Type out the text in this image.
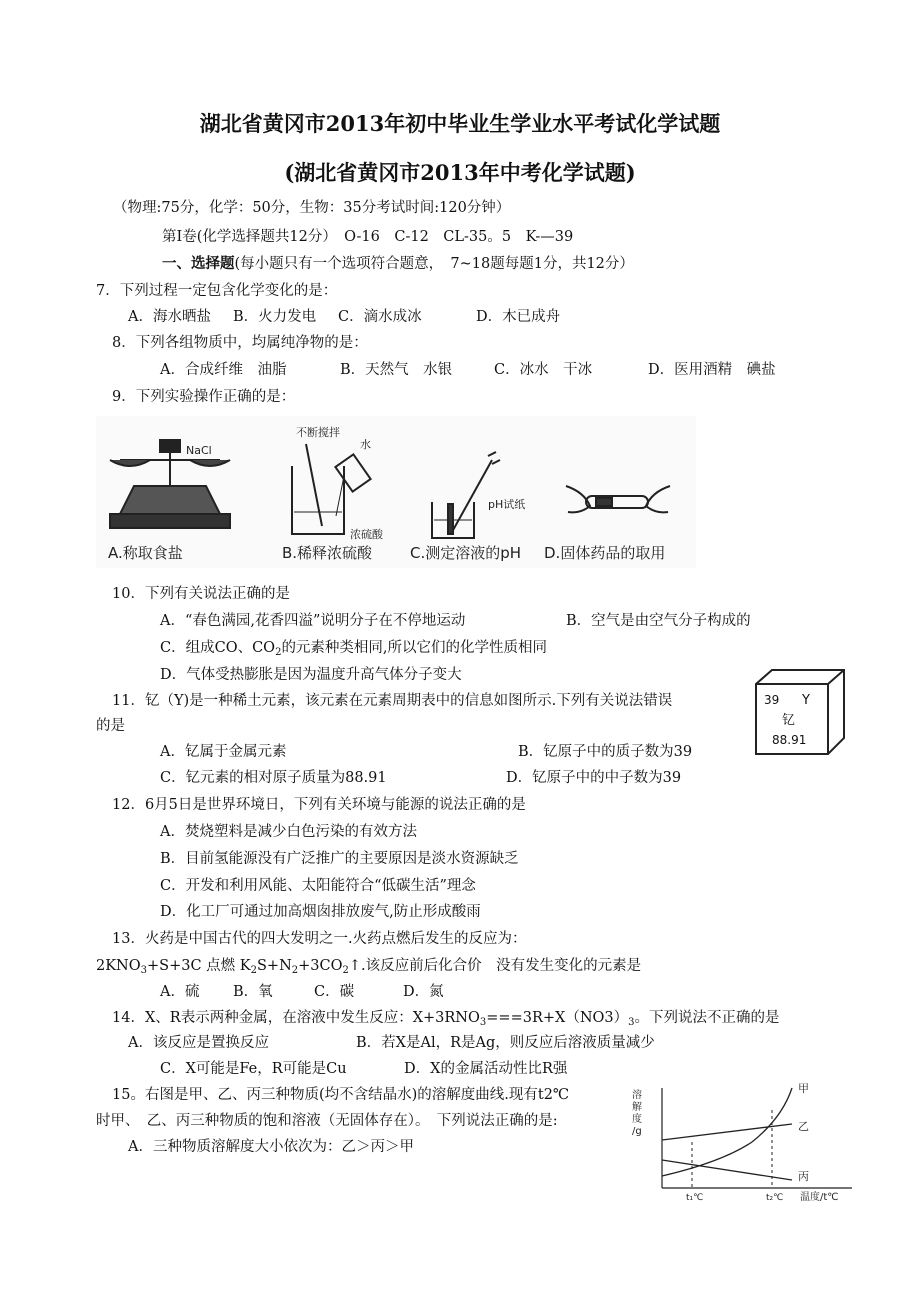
湖北省黄冈市2013年初中毕业生学业水平考试化学试题
(湖北省黄冈市2013年中考化学试题)
（物理:75分，化学：50分，生物：35分考试时间:120分钟）
第Ⅰ卷(化学选择题共12分）　O-16　C-12　CL-35。5　K-—39
一、选择题(每小题只有一个选项符合题意，　7~18题每题1分，共12分）
7．下列过程一定包含化学变化的是：
A．海水晒盐 B．火力发电 C．滴水成冰	D．木已成舟
8．下列各组物质中，均属纯净物的是：
A．合成纤维　油脂	B．天然气　水银	C．冰水　干冰	D．医用酒精　碘盐
9．下列实验操作正确的是：
NaCl
A.称取食盐
不断搅拌
水
浓硫酸
B.稀释浓硫酸
pH试纸
C.测定溶液的pH D.固体药品的取用
10．下列有关说法正确的是
A．“春色满园,花香四溢”说明分子在不停地运动	B．空气是由空气分子构成的
C．组成CO、$CO_2$的元素种类相同,所以它们的化学性质相同
D．气体受热膨胀是因为温度升高气体分子变大
11．钇（Y)是一种稀土元素，该元素在元素周期表中的信息如图所示.下列有关说法错误
的是
A．钇属于金属元素	B．钇原子中的质子数为39
C．钇元素的相对原子质量为88.91	D．钇原子中的中子数为39
39 Y
钇
88.91
12．6月5日是世界环境日，下列有关环境与能源的说法正确的是
A．焚烧塑料是减少白色污染的有效方法
B．目前氢能源没有广泛推广的主要原因是淡水资源缺乏
C．开发和利用风能、太阳能符合“低碳生活”理念
D．化工厂可通过加高烟囱排放废气,防止形成酸雨
13．火药是中国古代的四大发明之一.火药点燃后发生的反应为：
$2KNO_3+S+3C$ 点燃 $K_2S+N_2+3CO_2↑$.该反应前后化合价　没有发生变化的元素是
A．硫 B．氧	C．碳	D．氮
14．X、R表示两种金属，在溶液中发生反应：$X+3RNO_3===3R+X(NO3)_3$。下列说法不正确的是
A．该反应是置换反应	B．若X是Al，R是Ag，则反应后溶液质量减少
C．X可能是Fe，R可能是Cu	D．X的金属活动性比R强
15。右图是甲、乙、丙三种物质(均不含结晶水)的溶解度曲线.现有t2℃
时甲、　乙、丙三种物质的饱和溶液（无固体存在）。　下列说法正确的是:
A．三种物质溶解度大小依次为：乙＞丙＞甲
溶
解
度
/g
甲
乙
丙
t₁℃	t₂℃ 温度/t℃
